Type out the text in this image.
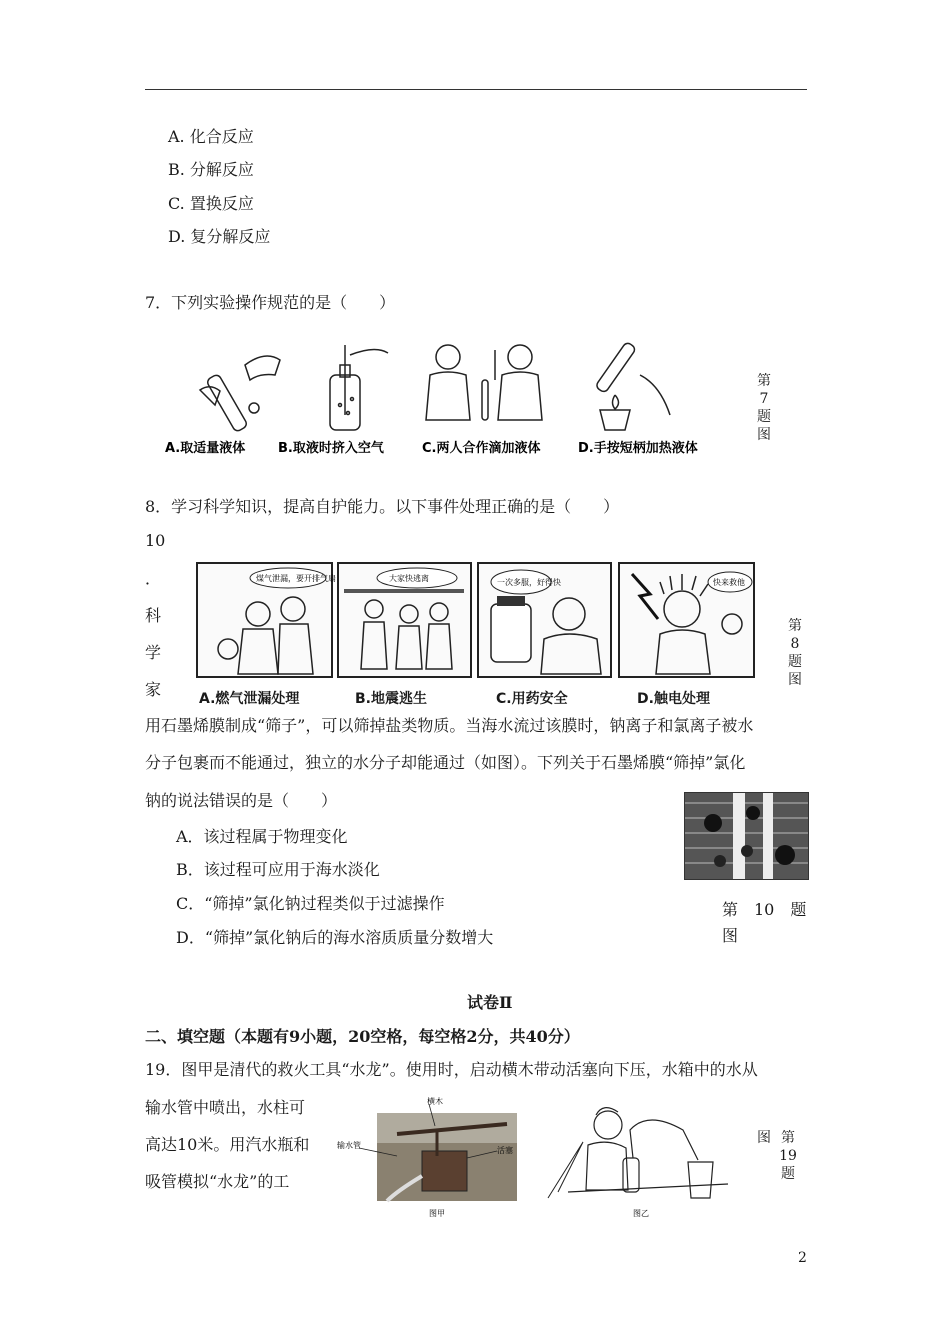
A. 化合反应
B. 分解反应
C. 置换反应
D. 复分解反应
7．下列实验操作规范的是（　　）
A.取适量液体	B.取液时挤入空气	C.两人合作滴加液体	D.手按短柄加热液体
第7题图
8．学习科学知识，提高自护能力。以下事件处理正确的是（　　）
10
．
科
学
家
煤气泄漏，要开排气扇	大家快逃离	一次多服，好得快	快来救他
A.燃气泄漏处理	B.地震逃生	C.用药安全	D.触电处理
第8题图
用石墨烯膜制成“筛子”，可以筛掉盐类物质。当海水流过该膜时，钠离子和氯离子被水
分子包裹而不能通过，独立的水分子却能通过（如图）。下列关于石墨烯膜“筛掉”氯化
钠的说法错误的是（　　）
A．该过程属于物理变化
B．该过程可应用于海水淡化
C．“筛掉”氯化钠过程类似于过滤操作
D．“筛掉”氯化钠后的海水溶质质量分数增大
第　10　题
图
试卷Ⅱ
二、填空题（本题有9小题，20空格，每空格2分，共40分）
19．图甲是清代的救火工具“水龙”。使用时，启动横木带动活塞向下压，水箱中的水从
输水管中喷出，水柱可
高达10米。用汽水瓶和
吸管模拟“水龙”的工
横木
输水管
活塞
图甲	图乙
图 第19题
2
